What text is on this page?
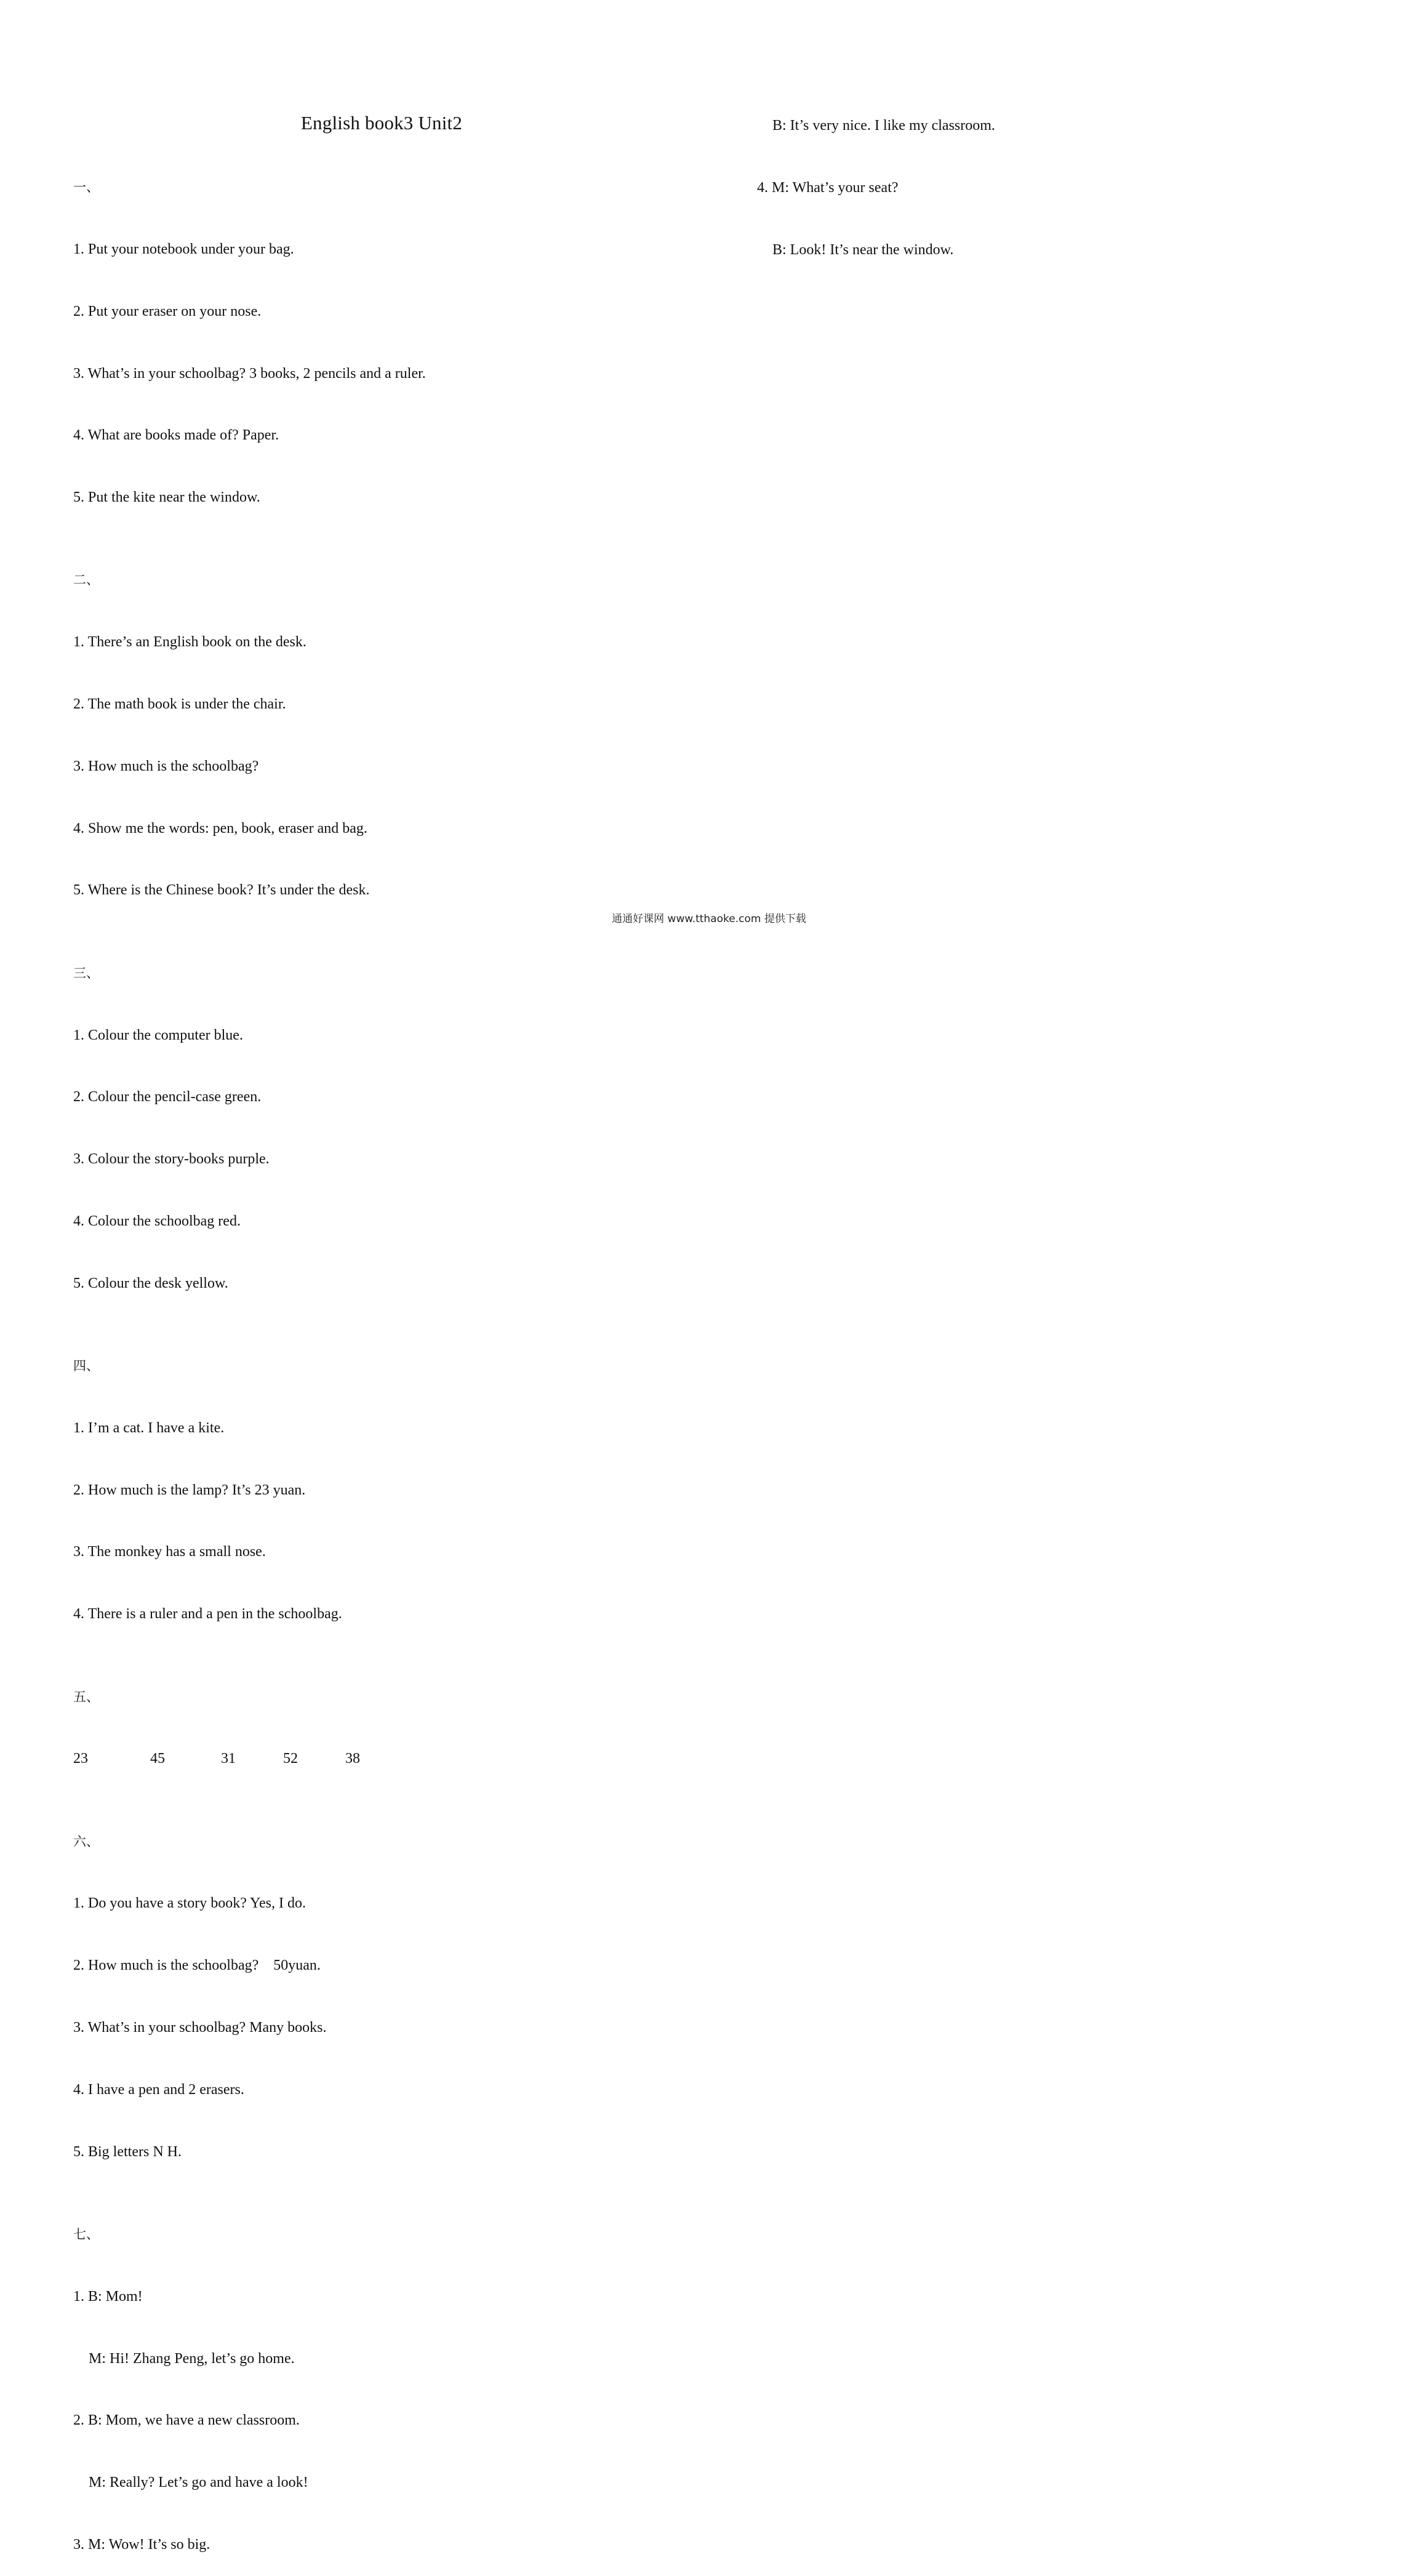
English book3 Unit2

一、

1. Put your notebook under your bag.

2. Put your eraser on your nose.

3. What’s in your schoolbag? 3 books, 2 pencils and a ruler.

4. What are books made of? Paper.

5. Put the kite near the window.

二、

1. There’s an English book on the desk.

2. The math book is under the chair.

3. How much is the schoolbag?

4. Show me the words: pen, book, eraser and bag.

5. Where is the Chinese book? It’s under the desk.

三、

1. Colour the computer blue.

2. Colour the pencil-case green.

3. Colour the story-books purple.

4. Colour the schoolbag red.

5. Colour the desk yellow.

四、

1. I’m a cat. I have a kite.

2. How much is the lamp? It’s 23 yuan.

3. The monkey has a small nose.

4. There is a ruler and a pen in the schoolbag.

五、

23

	45

	31

	52

	38

六、

1. Do you have a story book? Yes, I do.

2. How much is the schoolbag?    50yuan.

3. What’s in your schoolbag? Many books.

4. I have a pen and 2 erasers.

5. Big letters N H.

七、

1. B: Mom!

M: Hi! Zhang Peng, let’s go home.

2. B: Mom, we have a new classroom.

M: Really? Let’s go and have a look!

3. M: Wow! It’s so big.

B: It’s very nice. I like my classroom.

4. M: What’s your seat?

B: Look! It’s near the window.

通通好课网 www.tthaoke.com 提供下载
